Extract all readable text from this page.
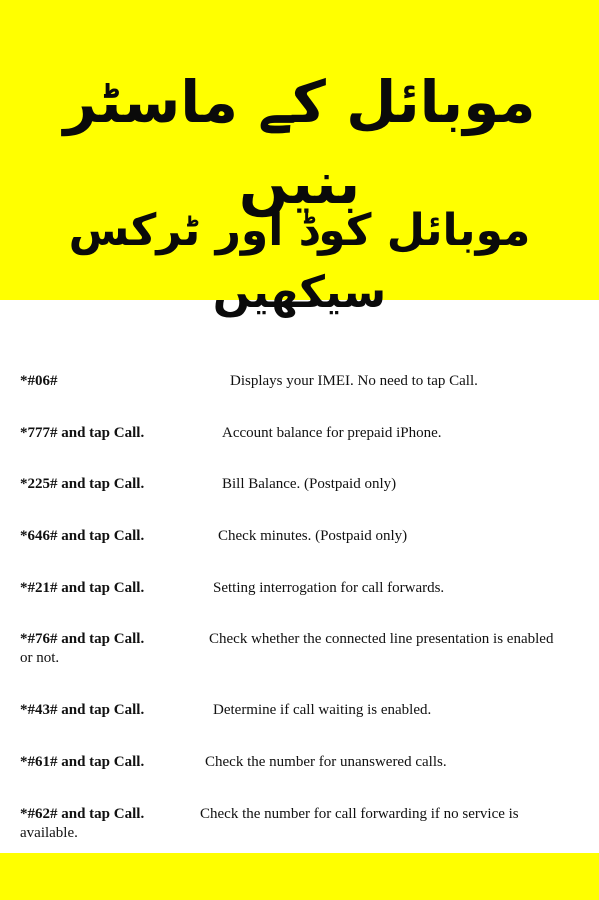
موبائل کے ماسٹر بنیں
موبائل کوڈ اور ٹرکس سیکھیں
*#06#	Displays your IMEI. No need to tap Call.
*777# and tap Call.	Account balance for prepaid iPhone.
*225# and tap Call.	Bill Balance. (Postpaid only)
*646# and tap Call.	Check minutes. (Postpaid only)
*#21# and tap Call.	Setting interrogation for call forwards.
*#76# and tap Call.	Check whether the connected line presentation is enabled
or not.
*#43# and tap Call.	Determine if call waiting is enabled.
*#61# and tap Call.	Check the number for unanswered calls.
*#62# and tap Call.	Check the number for call forwarding if no service is
available.
